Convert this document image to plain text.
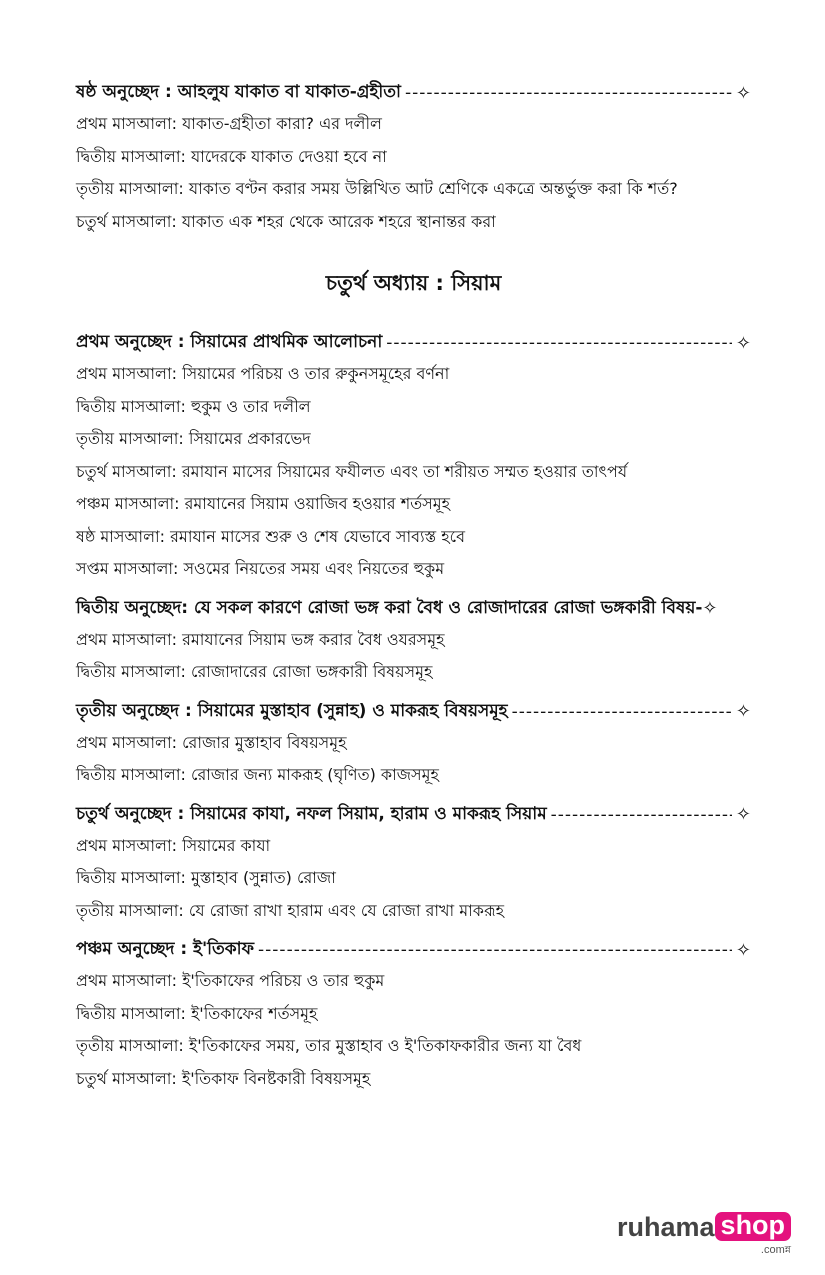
ষষ্ঠ অনুচ্ছেদ : আহলুয যাকাত বা যাকাত-গ্রহীতা -----	✧
প্রথম মাসআলা: যাকাত-গ্রহীতা কারা? এর দলীল
দ্বিতীয় মাসআলা: যাদেরকে যাকাত দেওয়া হবে না
তৃতীয় মাসআলা: যাকাত বণ্টন করার সময় উল্লিখিত আট শ্রেণিকে একত্রে অন্তর্ভুক্ত করা কি শর্ত?
চতুর্থ মাসআলা: যাকাত এক শহর থেকে আরেক শহরে স্থানান্তর করা
চতুর্থ অধ্যায় : সিয়াম
প্রথম অনুচ্ছেদ : সিয়ামের প্রাথমিক আলোচনা -----	✧
প্রথম মাসআলা: সিয়ামের পরিচয় ও তার রুকুনসমূহের বর্ণনা
দ্বিতীয় মাসআলা: হুকুম ও তার দলীল
তৃতীয় মাসআলা: সিয়ামের প্রকারভেদ
চতুর্থ মাসআলা: রমাযান মাসের সিয়ামের ফযীলত এবং তা শরীয়ত সম্মত হওয়ার তাৎপর্য
পঞ্চম মাসআলা: রমাযানের সিয়াম ওয়াজিব হওয়ার শর্তসমূহ
ষষ্ঠ মাসআলা: রমাযান মাসের শুরু ও শেষ যেভাবে সাব্যস্ত হবে
সপ্তম মাসআলা: সওমের নিয়তের সময় এবং নিয়তের হুকুম
দ্বিতীয় অনুচ্ছেদ: যে সকল কারণে রোজা ভঙ্গ করা বৈধ ও রোজাদারের রোজা ভঙ্গকারী বিষয়- ✧
প্রথম মাসআলা: রমাযানের সিয়াম ভঙ্গ করার বৈধ ওযরসমূহ
দ্বিতীয় মাসআলা: রোজাদারের রোজা ভঙ্গকারী বিষয়সমূহ
তৃতীয় অনুচ্ছেদ : সিয়ামের মুস্তাহাব (সুন্নাহ) ও মাকরূহ বিষয়সমূহ -----	✧
প্রথম মাসআলা: রোজার মুস্তাহাব বিষয়সমূহ
দ্বিতীয় মাসআলা: রোজার জন্য মাকরূহ (ঘৃণিত) কাজসমূহ
চতুর্থ অনুচ্ছেদ : সিয়ামের কাযা, নফল সিয়াম, হারাম ও মাকরূহ সিয়াম -----	✧
প্রথম মাসআলা: সিয়ামের কাযা
দ্বিতীয় মাসআলা: মুস্তাহাব (সুন্নাত) রোজা
তৃতীয় মাসআলা: যে রোজা রাখা হারাম এবং যে রোজা রাখা মাকরূহ
পঞ্চম অনুচ্ছেদ : ই'তিকাফ -----	✧
প্রথম মাসআলা: ই'তিকাফের পরিচয় ও তার হুকুম
দ্বিতীয় মাসআলা: ই'তিকাফের শর্তসমূহ
তৃতীয় মাসআলা: ই'তিকাফের সময়, তার মুস্তাহাব ও ই'তিকাফকারীর জন্য যা বৈধ
চতুর্থ মাসআলা: ই'তিকাফ বিনষ্টকারী বিষয়সমূহ
ruhama shop
.comন্ন
